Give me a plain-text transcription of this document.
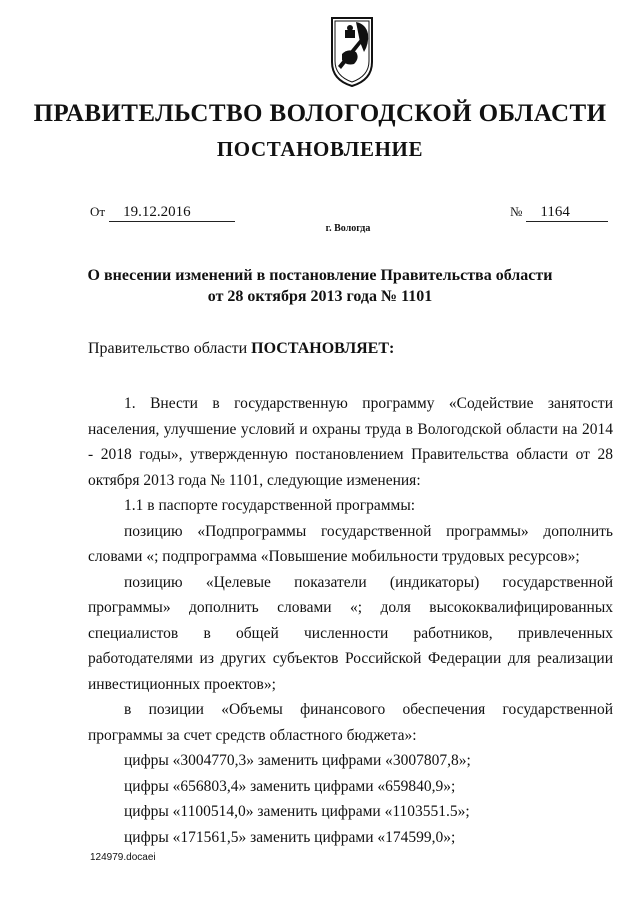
ПРАВИТЕЛЬСТВО ВОЛОГОДСКОЙ ОБЛАСТИ
ПОСТАНОВЛЕНИЕ
От 19.12.2016	№ 1164
г. Вологда
О внесении изменений в постановление Правительства области
от 28 октября 2013 года № 1101
Правительство области ПОСТАНОВЛЯЕТ:

1. Внести в государственную программу «Содействие занятости населения, улучшение условий и охраны труда в Вологодской области на 2014 - 2018 годы», утвержденную постановлением Правительства области от 28 октября 2013 года № 1101, следующие изменения:

1.1 в паспорте государственной программы:

позицию «Подпрограммы государственной программы» дополнить словами «; подпрограмма «Повышение мобильности трудовых ресурсов»;

позицию «Целевые показатели (индикаторы) государственной программы» дополнить словами «; доля высококвалифицированных специалистов в общей численности работников, привлеченных работодателями из других субъектов Российской Федерации для реализации инвестиционных проектов»;

в позиции «Объемы финансового обеспечения государственной программы за счет средств областного бюджета»:

цифры «3004770,3» заменить цифрами «3007807,8»;

цифры «656803,4» заменить цифрами «659840,9»;

цифры «1100514,0» заменить цифрами «1103551.5»;

цифры «171561,5» заменить цифрами «174599,0»;

124979.docaei
